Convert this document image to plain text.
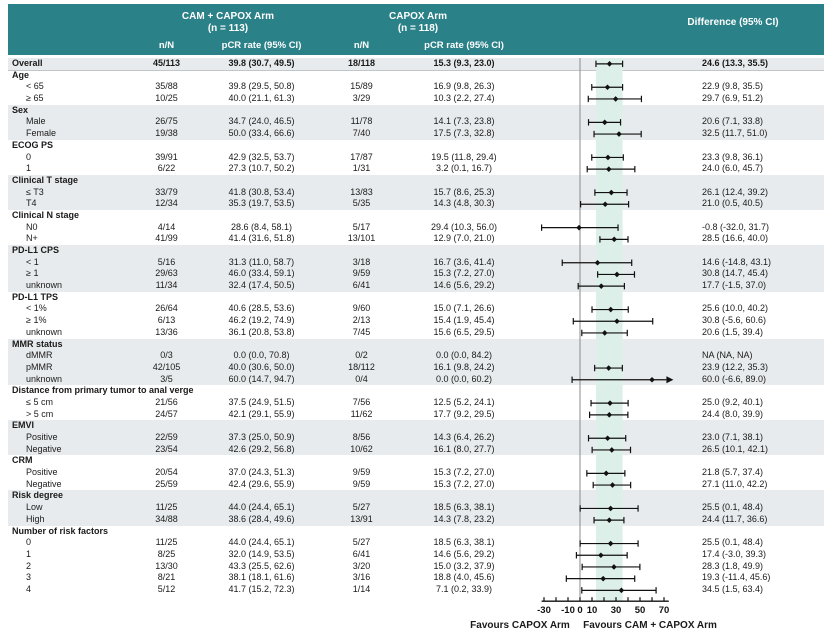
CAM + CAPOX Arm
(n = 113)
CAPOX Arm
(n = 118)
Difference (95% CI)
n/N	pCR rate (95% CI)	n/N	pCR rate (95% CI)
Overall	45/113	39.8 (30.7, 49.5)	18/118	15.3 (9.3, 23.0)	24.6 (13.3, 35.5)
Age
< 65	35/88	39.8 (29.5, 50.8)	15/89	16.9 (9.8, 26.3)	22.9 (9.8, 35.5)
≥ 65	10/25	40.0 (21.1, 61.3)	3/29	10.3 (2.2, 27.4)	29.7 (6.9, 51.2)
Sex
Male	26/75	34.7 (24.0, 46.5)	11/78	14.1 (7.3, 23.8)	20.6 (7.1, 33.8)
Female	19/38	50.0 (33.4, 66.6)	7/40	17.5 (7.3, 32.8)	32.5 (11.7, 51.0)
ECOG PS
0	39/91	42.9 (32.5, 53.7)	17/87	19.5 (11.8, 29.4)	23.3 (9.8, 36.1)
1	6/22	27.3 (10.7, 50.2)	1/31	3.2 (0.1, 16.7)	24.0 (6.0, 45.7)
Clinical T stage
≤ T3	33/79	41.8 (30.8, 53.4)	13/83	15.7 (8.6, 25.3)	26.1 (12.4, 39.2)
T4	12/34	35.3 (19.7, 53.5)	5/35	14.3 (4.8, 30.3)	21.0 (0.5, 40.5)
Clinical N stage
N0	4/14	28.6 (8.4, 58.1)	5/17	29.4 (10.3, 56.0)	-0.8 (-32.0, 31.7)
N+	41/99	41.4 (31.6, 51.8)	13/101	12.9 (7.0, 21.0)	28.5 (16.6, 40.0)
PD-L1 CPS
< 1	5/16	31.3 (11.0, 58.7)	3/18	16.7 (3.6, 41.4)	14.6 (-14.8, 43.1)
≥ 1	29/63	46.0 (33.4, 59.1)	9/59	15.3 (7.2, 27.0)	30.8 (14.7, 45.4)
unknown	11/34	32.4 (17.4, 50.5)	6/41	14.6 (5.6, 29.2)	17.7 (-1.5, 37.0)
PD-L1 TPS
< 1%	26/64	40.6 (28.5, 53.6)	9/60	15.0 (7.1, 26.6)	25.6 (10.0, 40.2)
≥ 1%	6/13	46.2 (19.2, 74.9)	2/13	15.4 (1.9, 45.4)	30.8 (-5.6, 60.6)
unknown	13/36	36.1 (20.8, 53.8)	7/45	15.6 (6.5, 29.5)	20.6 (1.5, 39.4)
MMR status
dMMR	0/3	0.0 (0.0, 70.8)	0/2	0.0 (0.0, 84.2)	NA (NA, NA)
pMMR	42/105	40.0 (30.6, 50.0)	18/112	16.1 (9.8, 24.2)	23.9 (12.2, 35.3)
unknown	3/5	60.0 (14.7, 94.7)	0/4	0.0 (0.0, 60.2)	60.0 (-6.6, 89.0)
Distance from primary tumor to anal verge
≤ 5 cm	21/56	37.5 (24.9, 51.5)	7/56	12.5 (5.2, 24.1)	25.0 (9.2, 40.1)
> 5 cm	24/57	42.1 (29.1, 55.9)	11/62	17.7 (9.2, 29.5)	24.4 (8.0, 39.9)
EMVI
Positive	22/59	37.3 (25.0, 50.9)	8/56	14.3 (6.4, 26.2)	23.0 (7.1, 38.1)
Negative	23/54	42.6 (29.2, 56.8)	10/62	16.1 (8.0, 27.7)	26.5 (10.1, 42.1)
CRM
Positive	20/54	37.0 (24.3, 51.3)	9/59	15.3 (7.2, 27.0)	21.8 (5.7, 37.4)
Negative	25/59	42.4 (29.6, 55.9)	9/59	15.3 (7.2, 27.0)	27.1 (11.0, 42.2)
Risk degree
Low	11/25	44.0 (24.4, 65.1)	5/27	18.5 (6.3, 38.1)	25.5 (0.1, 48.4)
High	34/88	38.6 (28.4, 49.6)	13/91	14.3 (7.8, 23.2)	24.4 (11.7, 36.6)
Number of risk factors
0	11/25	44.0 (24.4, 65.1)	5/27	18.5 (6.3, 38.1)	25.5 (0.1, 48.4)
1	8/25	32.0 (14.9, 53.5)	6/41	14.6 (5.6, 29.2)	17.4 (-3.0, 39.3)
2	13/30	43.3 (25.5, 62.6)	3/20	15.0 (3.2, 37.9)	28.3 (1.8, 49.9)
3	8/21	38.1 (18.1, 61.6)	3/16	18.8 (4.0, 45.6)	19.3 (-11.4, 45.6)
4	5/12	41.7 (15.2, 72.3)	1/14	7.1 (0.2, 33.9)	34.5 (1.5, 63.4)
-30 -10 0 10 30 50 70
Favours CAPOX Arm Favours CAM + CAPOX Arm
